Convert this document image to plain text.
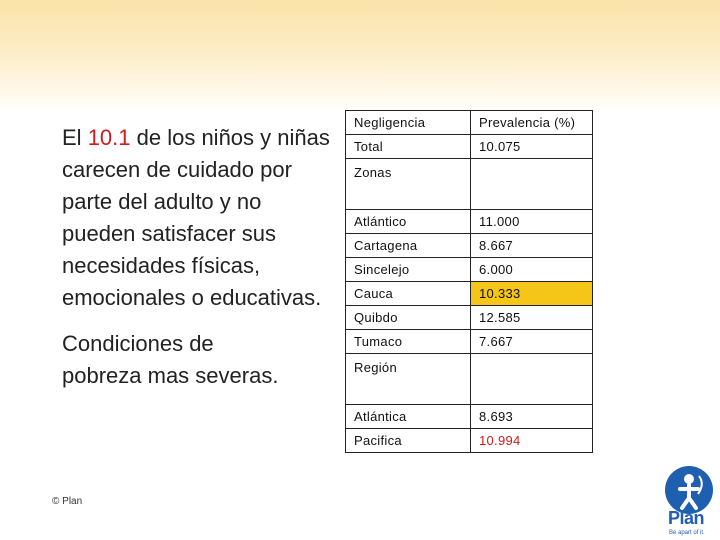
El 10.1 de los niños y niñas carecen de cuidado por parte del adulto y no pueden satisfacer sus necesidades físicas, emocionales o educativas.

Condiciones de pobreza mas severas.

© Plan
Negligencia	Prevalencia (%)
Total	10.075
Zonas	
Atlántico	11.000
Cartagena	8.667
Sincelejo	6.000
Cauca	10.333
Quibdo	12.585
Tumaco	7.667
Región	
Atlántica	8.693
Pacifica	10.994
Plan
Be apart of it.
